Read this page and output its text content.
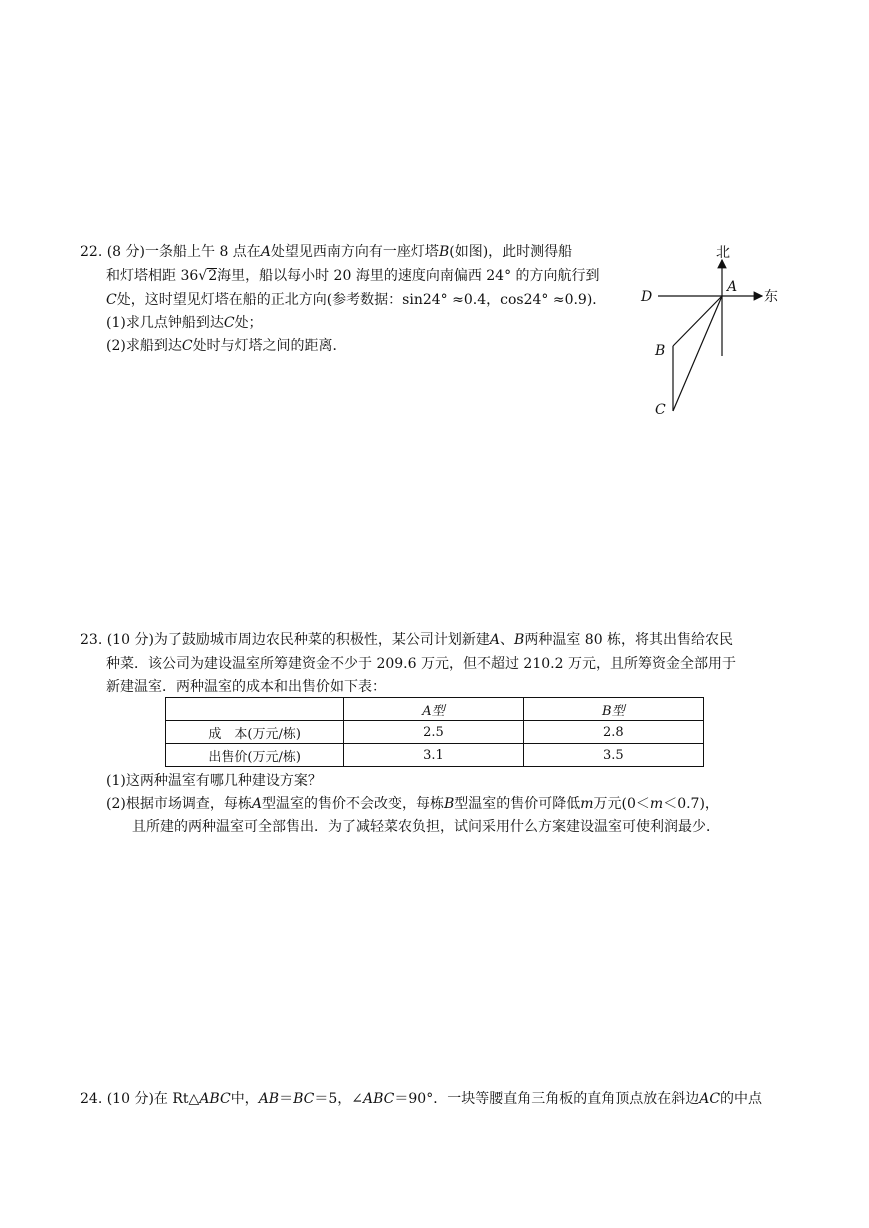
22. (8 分)一条船上午 8 点在A处望见西南方向有一座灯塔B(如图)，此时测得船
和灯塔相距 36√2海里，船以每小时 20 海里的速度向南偏西 24° 的方向航行到
C处，这时望见灯塔在船的正北方向(参考数据：sin24° ≈0.4，cos24° ≈0.9)．
(1)求几点钟船到达C处；
(2)求船到达C处时与灯塔之间的距离．
北
东
A
D
B
C
23. (10 分)为了鼓励城市周边农民种菜的积极性，某公司计划新建A、B两种温室 80 栋，将其出售给农民
种菜．该公司为建设温室所筹建资金不少于 209.6 万元，但不超过 210.2 万元，且所筹资金全部用于
新建温室．两种温室的成本和出售价如下表：
	A型	B型
成　本(万元/栋)	2.5	2.8
出售价(万元/栋)	3.1	3.5
(1)这两种温室有哪几种建设方案？
(2)根据市场调查，每栋A型温室的售价不会改变，每栋B型温室的售价可降低m万元(0＜m＜0.7)，
且所建的两种温室可全部售出．为了减轻菜农负担，试问采用什么方案建设温室可使利润最少．
24. (10 分)在 Rt△ABC中，AB＝BC＝5，∠ABC＝90°．一块等腰直角三角板的直角顶点放在斜边AC的中点
